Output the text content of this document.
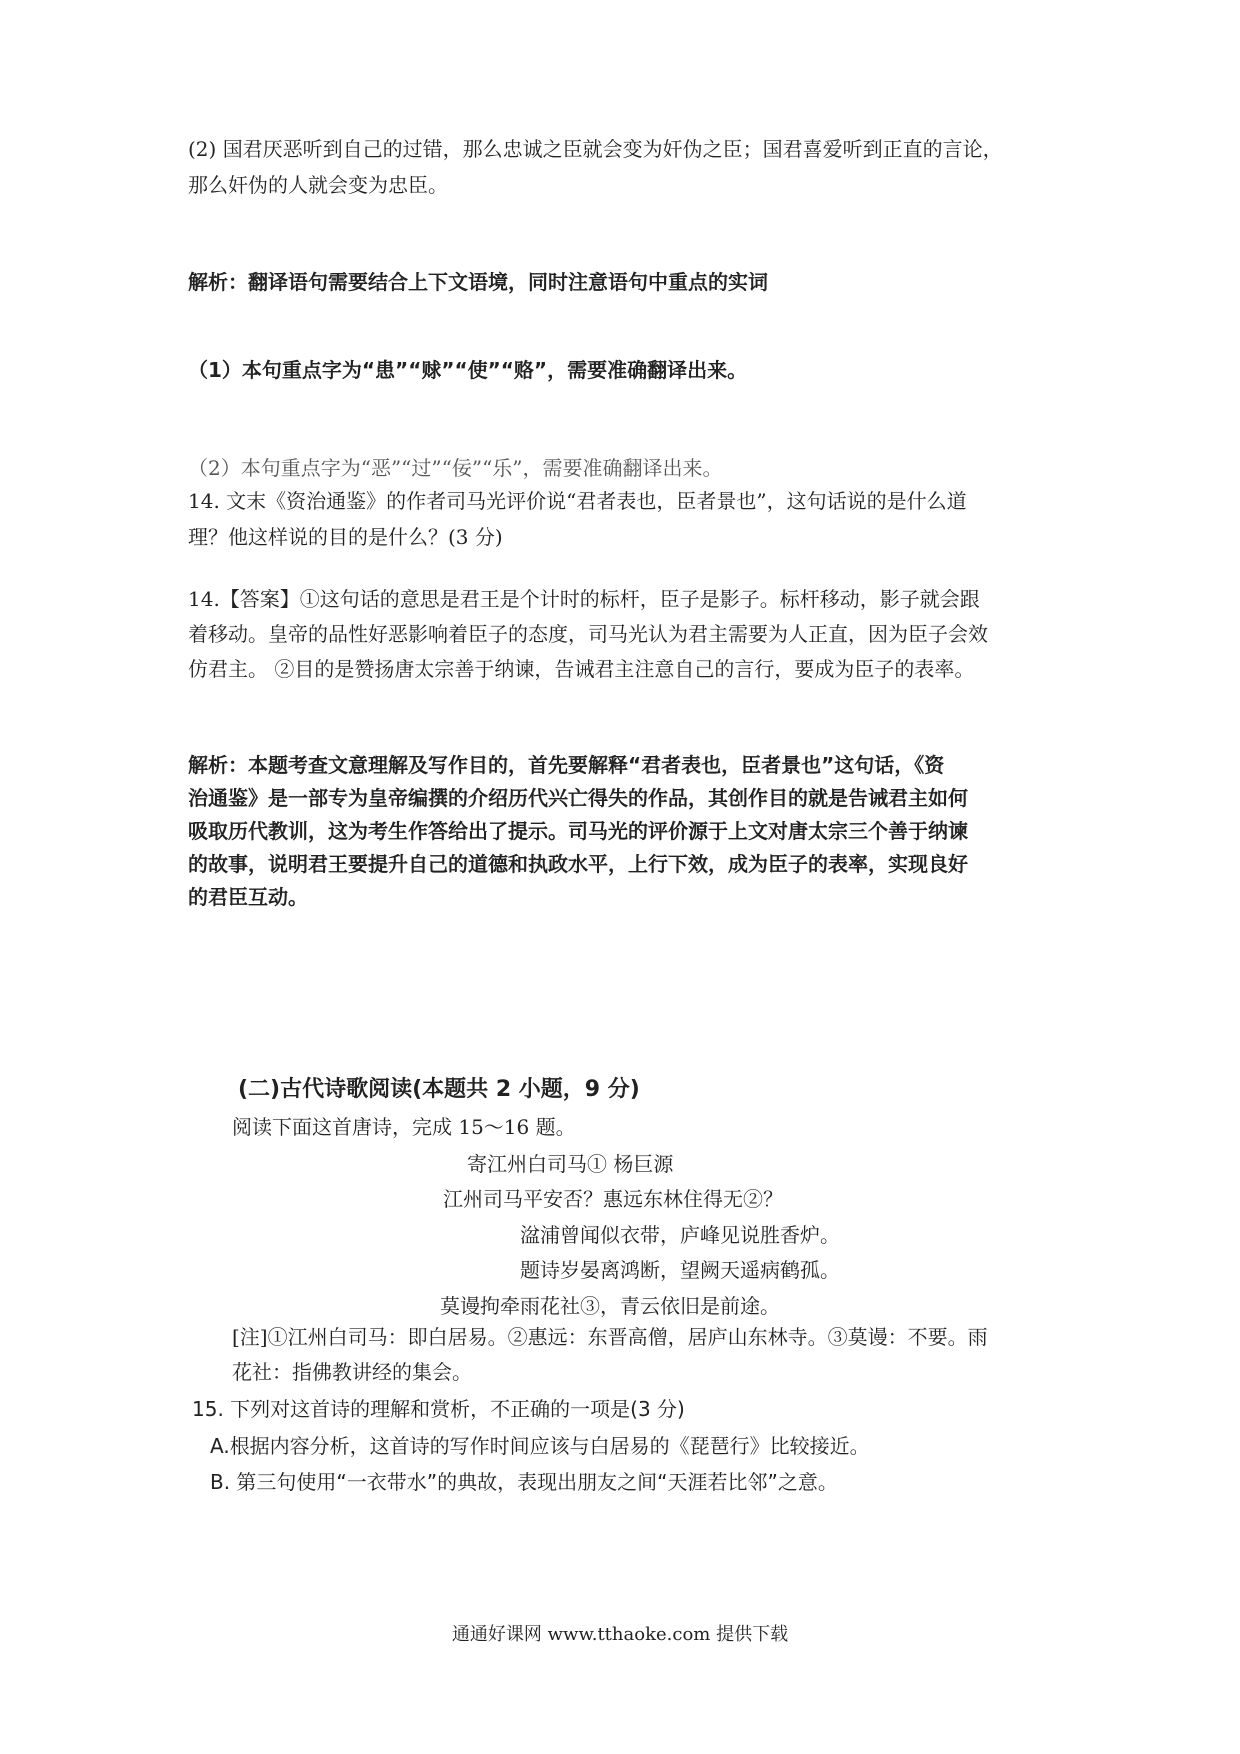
(2) 国君厌恶听到自己的过错，那么忠诚之臣就会变为奸伪之臣；国君喜爱听到正直的言论，
那么奸伪的人就会变为忠臣。
解析：翻译语句需要结合上下文语境，同时注意语句中重点的实词
（1）本句重点字为“患”“赇”“使”“赂”，需要准确翻译出来。
（2）本句重点字为“恶”“过”“佞”“乐”，需要准确翻译出来。
14. 文末《资治通鉴》的作者司马光评价说“君者表也，臣者景也”，这句话说的是什么道
理？他这样说的目的是什么？(3 分)
14.【答案】①这句话的意思是君王是个计时的标杆，臣子是影子。标杆移动，影子就会跟
着移动。皇帝的品性好恶影响着臣子的态度，司马光认为君主需要为人正直，因为臣子会效
仿君主。 ②目的是赞扬唐太宗善于纳谏，告诫君主注意自己的言行，要成为臣子的表率。
解析：本题考查文意理解及写作目的，首先要解释“君者表也，臣者景也”这句话，《资
治通鉴》是一部专为皇帝编撰的介绍历代兴亡得失的作品，其创作目的就是告诫君主如何
吸取历代教训，这为考生作答给出了提示。司马光的评价源于上文对唐太宗三个善于纳谏
的故事，说明君王要提升自己的道德和执政水平，上行下效，成为臣子的表率，实现良好
的君臣互动。
(二)古代诗歌阅读(本题共 2 小题，9 分)
阅读下面这首唐诗，完成 15～16 题。
寄江州白司马① 杨巨源
江州司马平安否？惠远东林住得无②？
湓浦曾闻似衣带，庐峰见说胜香炉。
题诗岁晏离鸿断，望阙天遥病鹤孤。
莫谩拘牵雨花社③，青云依旧是前途。
[注]①江州白司马：即白居易。②惠远：东晋高僧，居庐山东林寺。③莫谩：不要。雨
花社：指佛教讲经的集会。
15. 下列对这首诗的理解和赏析，不正确的一项是(3 分)
A.根据内容分析，这首诗的写作时间应该与白居易的《琵琶行》比较接近。
B. 第三句使用“一衣带水”的典故，表现出朋友之间“天涯若比邻”之意。
通通好课网 www.tthaoke.com 提供下载
